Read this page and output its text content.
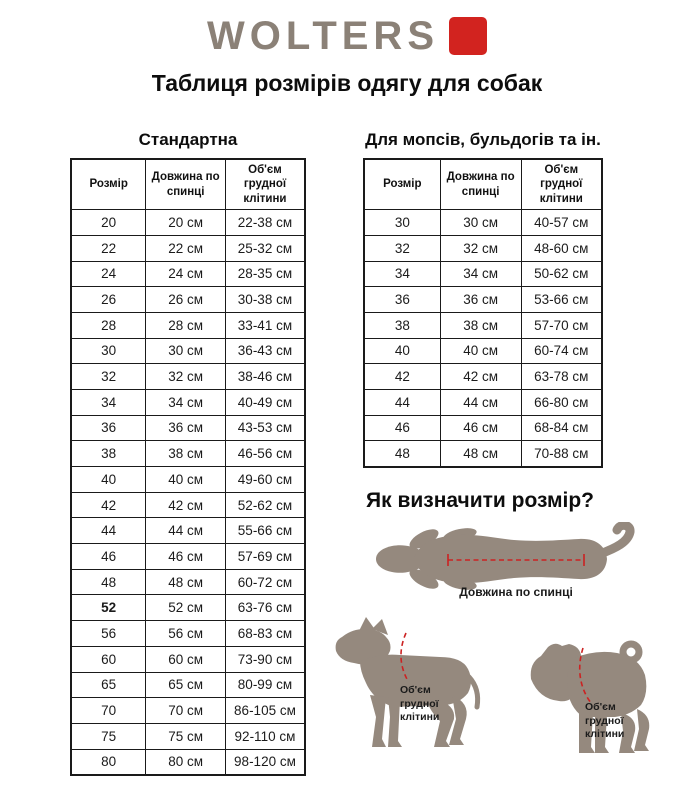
WOLTERS
Таблиця розмірів одягу для собак
Стандартна
Розмір	Довжина по спинці	Об'єм грудної клітини
20	20 см	22-38 см
22	22 см	25-32 см
24	24 см	28-35 см
26	26 см	30-38 см
28	28 см	33-41 см
30	30 см	36-43 см
32	32 см	38-46 см
34	34 см	40-49 см
36	36 см	43-53 см
38	38 см	46-56 см
40	40 см	49-60 см
42	42 см	52-62 см
44	44 см	55-66 см
46	46 см	57-69 см
48	48 см	60-72 см
52	52 см	63-76 см
56	56 см	68-83 см
60	60 см	73-90 см
65	65 см	80-99 см
70	70 см	86-105 см
75	75 см	92-110 см
80	80 см	98-120 см
Для мопсів, бульдогів та ін.
Розмір	Довжина по спинці	Об'єм грудної клітини
30	30 см	40-57 см
32	32 см	48-60 см
34	34 см	50-62 см
36	36 см	53-66 см
38	38 см	57-70 см
40	40 см	60-74 см
42	42 см	63-78 см
44	44 см	66-80 см
46	46 см	68-84 см
48	48 см	70-88 см
Як визначити розмір?
Довжина по спинці
Об'єм грудної клітини
Об'єм грудної клітини
